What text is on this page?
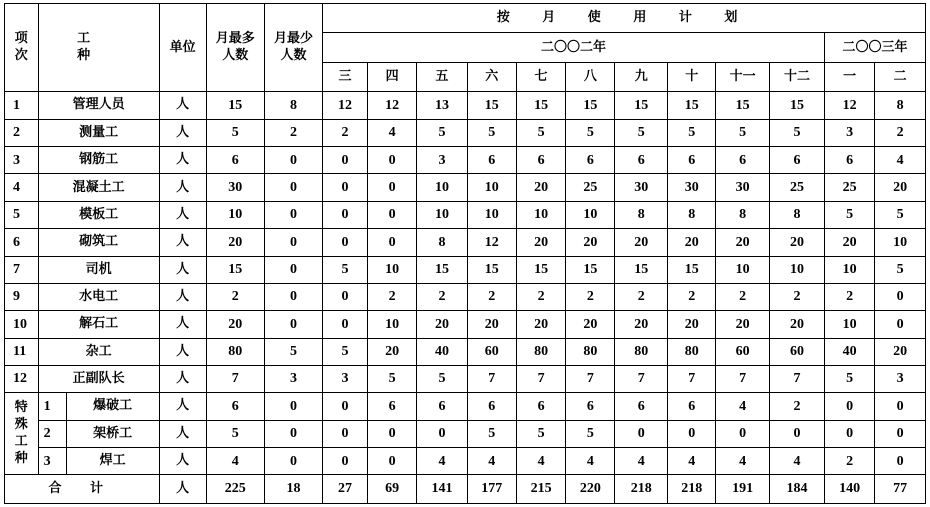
项次	工 种		单位	月最多人数	月最少人数	按 月 使 用 计 划											
						二〇〇二年										二〇〇三年	
						三	四	五	六	七	八	九	十	十一	十二	一	二
1	管理人员		人	15	8	12	12	13	15	15	15	15	15	15	15	12	8
2	测量工		人	5	2	2	4	5	5	5	5	5	5	5	5	3	2
3	钢筋工		人	6	0	0	0	3	6	6	6	6	6	6	6	6	4
4	混凝土工		人	30	0	0	0	10	10	20	25	30	30	30	25	25	20
5	模板工		人	10	0	0	0	10	10	10	10	8	8	8	8	5	5
6	砌筑工		人	20	0	0	0	8	12	20	20	20	20	20	20	20	10
7	司机		人	15	0	5	10	15	15	15	15	15	15	10	10	10	5
9	水电工		人	2	0	0	2	2	2	2	2	2	2	2	2	2	0
10	解石工		人	20	0	0	10	20	20	20	20	20	20	20	20	10	0
11	杂工		人	80	5	5	20	40	60	80	80	80	80	60	60	40	20
12	正副队长		人	7	3	3	5	5	7	7	7	7	7	7	7	5	3

特殊工种	1	爆破工	人	6	0	0	6	6	6	6	6	6	6	4	2	0	0
	2	架桥工	人	5	0	0	0	0	5	5	5	0	0	0	0	0	0
	3	焊工	人	4	0	0	0	4	4	4	4	4	4	4	4	2	0
合 计			人	225	18	27	69	141	177	215	220	218	218	191	184	140	77
